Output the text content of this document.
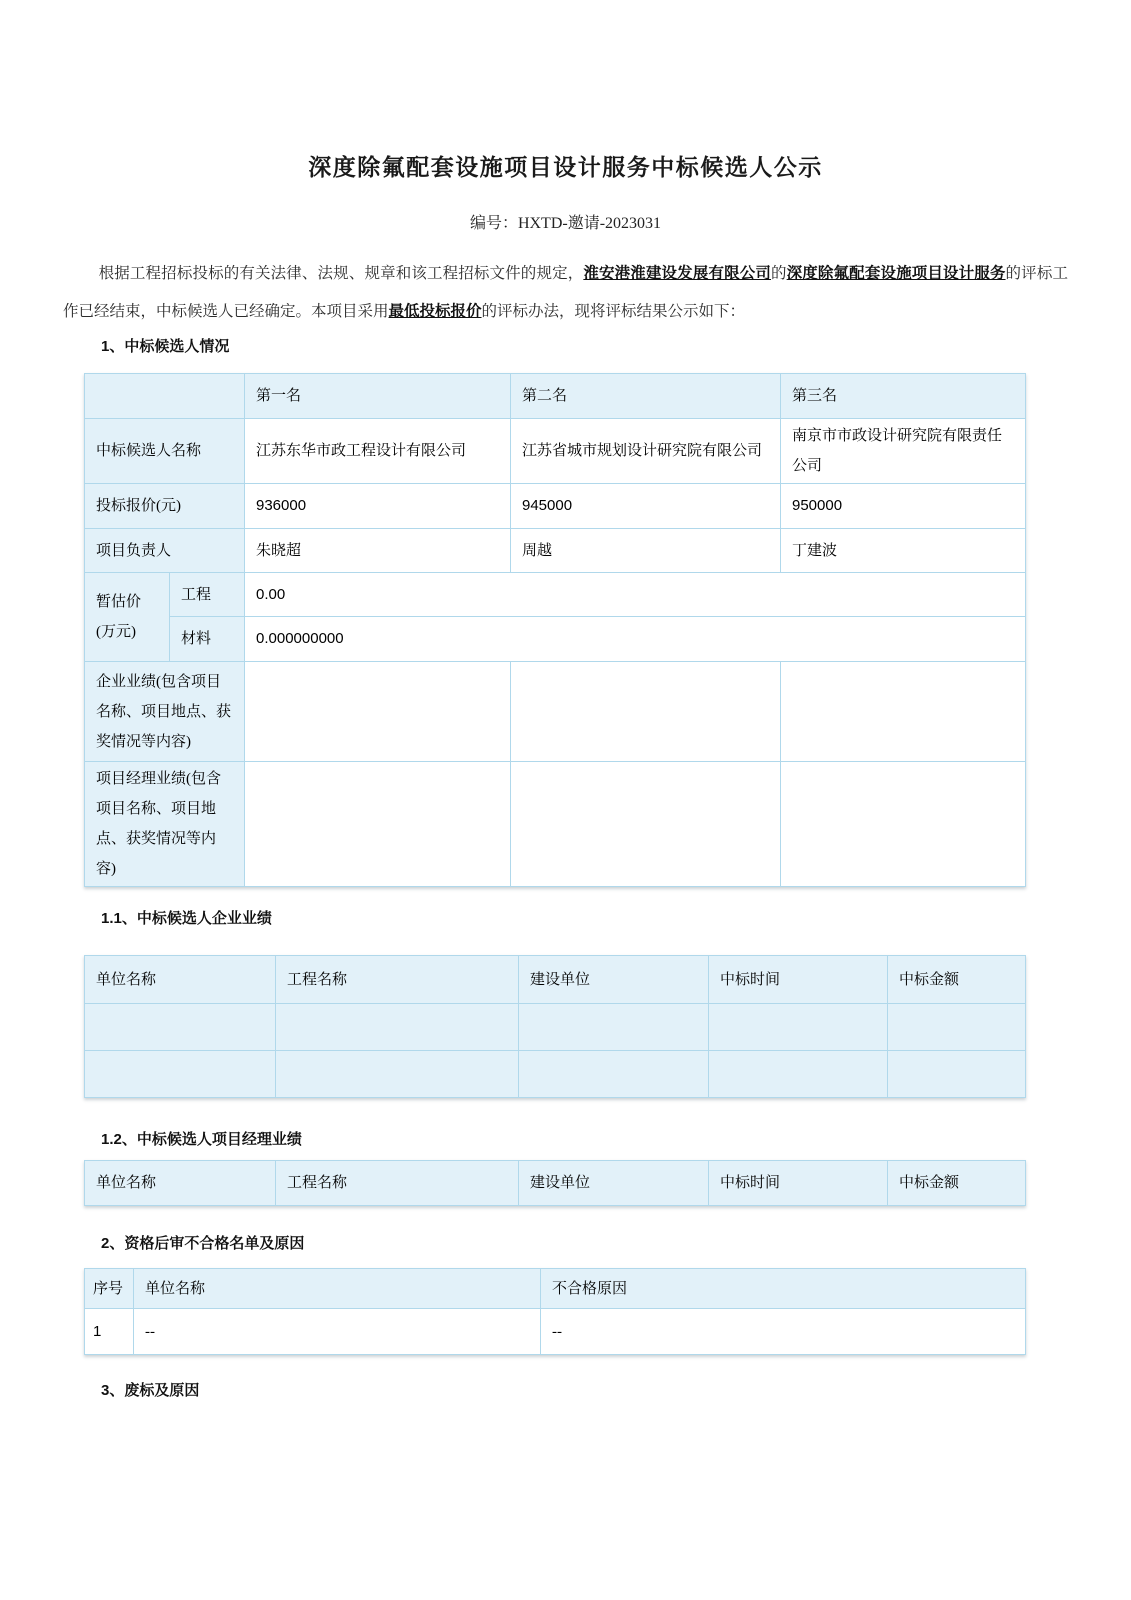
深度除氟配套设施项目设计服务中标候选人公示
编号：HXTD-邀请-2023031

根据工程招标投标的有关法律、法规、规章和该工程招标文件的规定，淮安港淮建设发展有限公司的深度除氟配套设施项目设计服务的评标工作已经结束，中标候选人已经确定。本项目采用最低投标报价的评标办法，现将评标结果公示如下：

1、中标候选人情况
		第一名	第二名	第三名
中标候选人名称		江苏东华市政工程设计有限公司	江苏省城市规划设计研究院有限公司	南京市市政设计研究院有限责任公司
投标报价(元)		936000	945000	950000
项目负责人		朱晓超	周越	丁建波
暂估价(万元)	工程	0.00		
	材料	0.000000000		
企业业绩(包含项目名称、项目地点、获奖情况等内容)				
项目经理业绩(包含项目名称、项目地点、获奖情况等内容)				
1.1、中标候选人企业业绩
单位名称	工程名称	建设单位	中标时间	中标金额

1.2、中标候选人项目经理业绩
单位名称	工程名称	建设单位	中标时间	中标金额
2、资格后审不合格名单及原因
序号	单位名称	不合格原因
1	--	--
3、废标及原因
